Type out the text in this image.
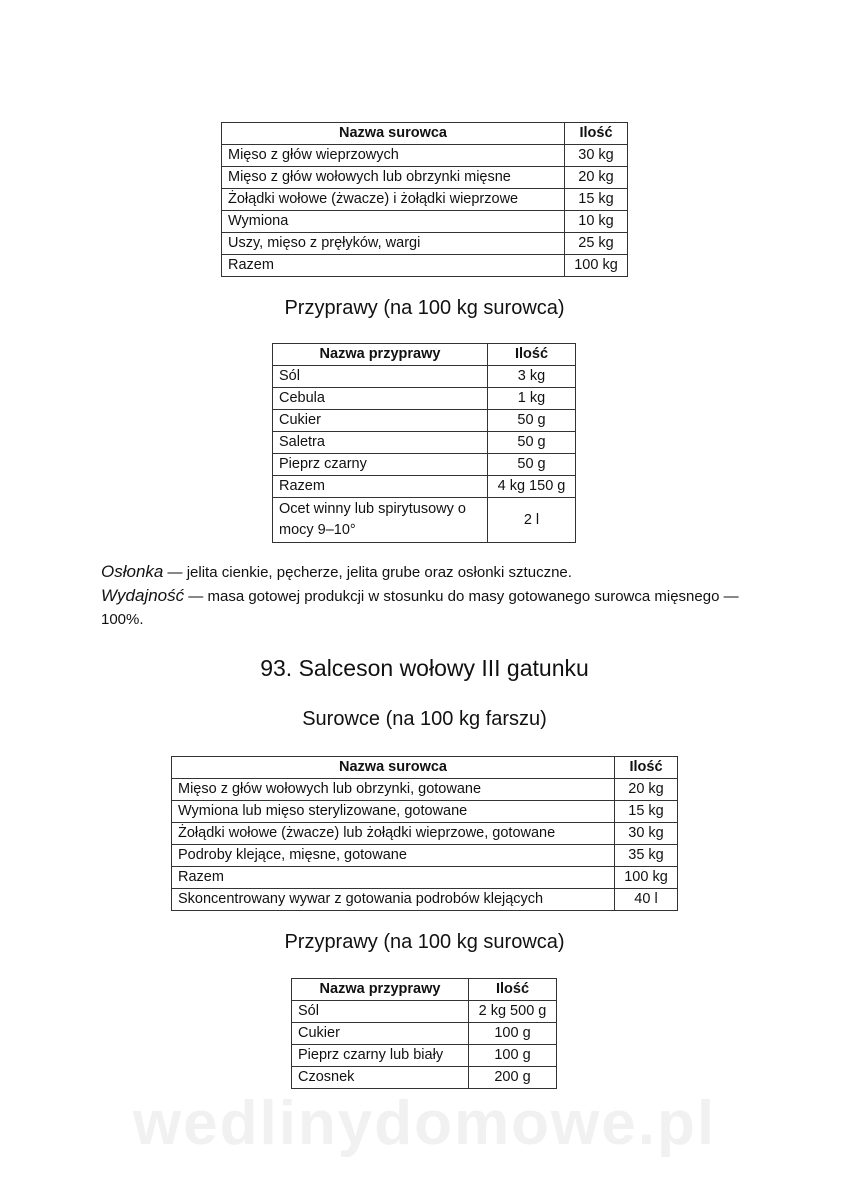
Nazwa surowca	Ilość
Mięso z głów wieprzowych	30 kg
Mięso z głów wołowych lub obrzynki mięsne	20 kg
Żołądki wołowe (żwacze) i żołądki wieprzowe	15 kg
Wymiona	10 kg
Uszy, mięso z pręłyków, wargi	25 kg
Razem	100 kg
Przyprawy (na 100 kg surowca)
Nazwa przyprawy	Ilość
Sól	3 kg
Cebula	1 kg
Cukier	50 g
Saletra	50 g
Pieprz czarny	50 g
Razem	4 kg 150 g
Ocet winny lub spirytusowy o mocy 9–10°	2 l

Osłonka — jelita cienkie, pęcherze, jelita grube oraz osłonki sztuczne.

Wydajność — masa gotowej produkcji w stosunku do masy gotowanego surowca mięsnego — 100%.

93. Salceson wołowy III gatunku
Surowce (na 100 kg farszu)
Nazwa surowca	Ilość
Mięso z głów wołowych lub obrzynki, gotowane	20 kg
Wymiona lub mięso sterylizowane, gotowane	15 kg
Żołądki wołowe (żwacze) lub żołądki wieprzowe, gotowane	30 kg
Podroby klejące, mięsne, gotowane	35 kg
Razem	100 kg
Skoncentrowany wywar z gotowania podrobów klejących	40 l
Przyprawy (na 100 kg surowca)
Nazwa przyprawy	Ilość
Sól	2 kg 500 g
Cukier	100 g
Pieprz czarny lub biały	100 g
Czosnek	200 g
wedlinydomowe.pl
